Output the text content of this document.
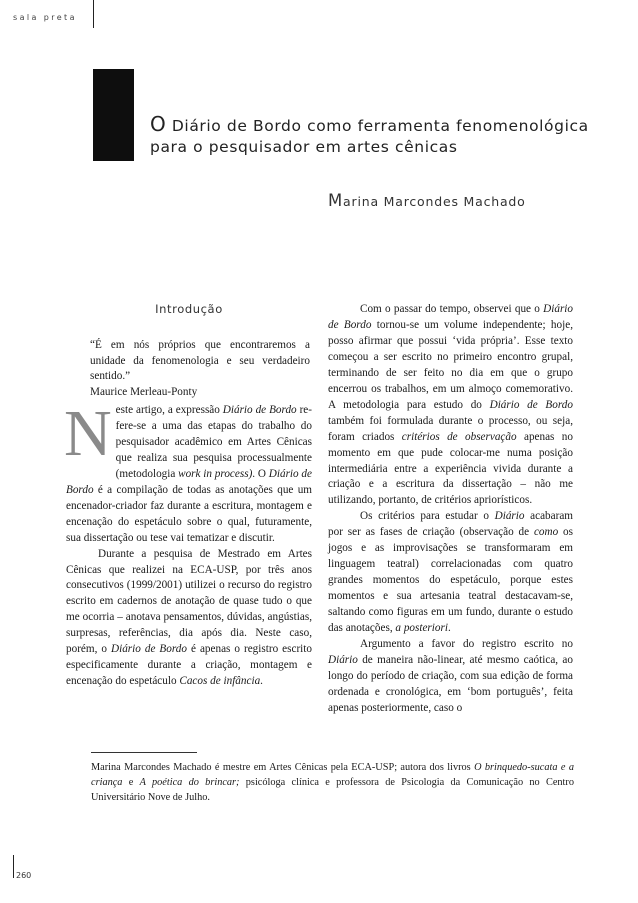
sala preta
O Diário de Bordo como ferramenta fenomenológica
para o pesquisador em artes cênicas
Marina Marcondes Machado
Introdução

“É em nós próprios que encontraremos a unidade da fenomenologia e seu verdadeiro sentido.”

Maurice Merleau-Ponty

N este artigo, a expressão Diário de Bordo re-fere-se a uma das etapas do trabalho do pesquisador acadêmico em Artes Cênicas que realiza sua pesquisa processualmente (metodologia work in process). O Diário de Bordo é a compilação de todas as anotações que um encenador-criador faz durante a escritura, montagem e encenação do espetáculo sobre o qual, futuramente, sua dissertação ou tese vai tematizar e discutir.

Durante a pesquisa de Mestrado em Artes Cênicas que realizei na ECA-USP, por três anos consecutivos (1999/2001) utilizei o recurso do registro escrito em cadernos de anotação de quase tudo o que me ocorria – anotava pensamentos, dúvidas, angústias, surpresas, referências, dia após dia. Neste caso, porém, o Diário de Bordo é apenas o registro escrito especificamente durante a criação, montagem e encenação do espetáculo Cacos de infância.

Com o passar do tempo, observei que o Diário de Bordo tornou-se um volume independente; hoje, posso afirmar que possui ‘vida própria’. Esse texto começou a ser escrito no primeiro encontro grupal, terminando de ser feito no dia em que o grupo encerrou os trabalhos, em um almoço comemorativo. A metodologia para estudo do Diário de Bordo também foi formulada durante o processo, ou seja, foram criados critérios de observação apenas no momento em que pude colocar-me numa posição intermediária entre a experiência vivida durante a criação e a escritura da dissertação – não me utilizando, portanto, de critérios apriorísticos.

Os critérios para estudar o Diário acabaram por ser as fases de criação (observação de como os jogos e as improvisações se transformaram em linguagem teatral) correlacionadas com quatro grandes momentos do espetáculo, porque estes momentos e sua artesania teatral destacavam-se, saltando como figuras em um fundo, durante o estudo das anotações, a posteriori.

Argumento a favor do registro escrito no Diário de maneira não-linear, até mesmo caótica, ao longo do período de criação, com sua edição de forma ordenada e cronológica, em ‘bom português’, feita apenas posteriormente, caso o

Marina Marcondes Machado é mestre em Artes Cênicas pela ECA-USP; autora dos livros O brinquedo-sucata e a criança e A poética do brincar; psicóloga clínica e professora de Psicologia da Comunicação no Centro Universitário Nove de Julho.
260
